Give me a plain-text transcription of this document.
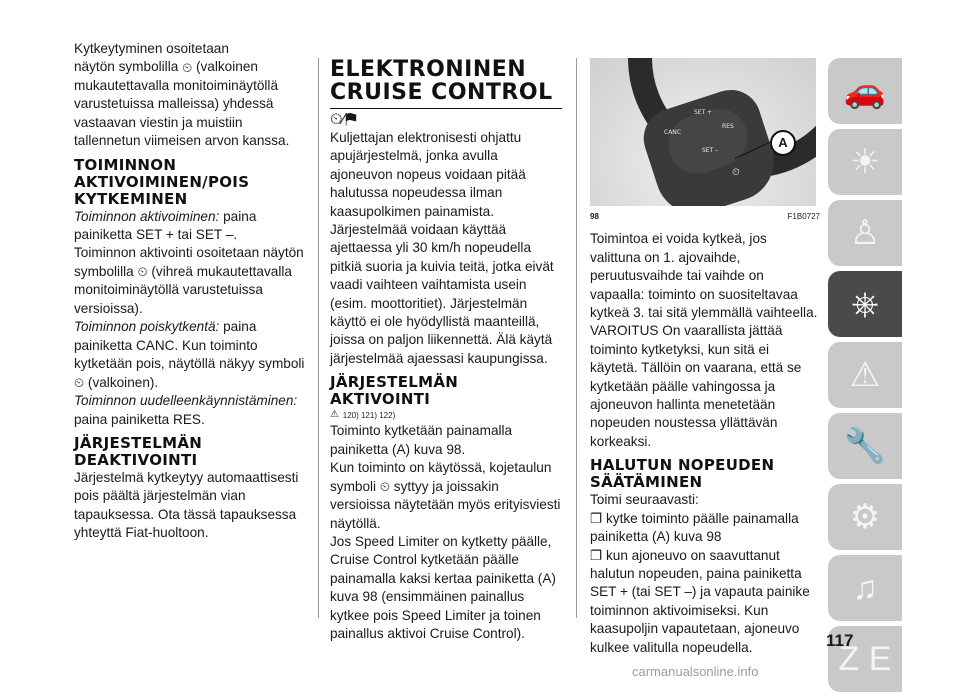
Kytkeytyminen osoitetaan

näytön symbolilla ⏲ (valkoinen

mukautettavalla monitoiminäytöllä varustetuissa malleissa) yhdessä vastaavan viestin ja muistiin tallennetun viimeisen arvon kanssa.

TOIMINNON AKTIVOIMINEN/POIS KYTKEMINEN

Toiminnon aktivoiminen: paina painiketta SET + tai SET –.

Toiminnon aktivointi osoitetaan näytön

symbolilla ⏲ (vihreä mukautettavalla monitoiminäytöllä varustetuissa versioissa).

Toiminnon poiskytkentä: paina painiketta CANC. Kun toiminto kytketään pois, näytöllä näkyy symboli

⏲ (valkoinen).

Toiminnon uudelleenkäynnistäminen:
paina painiketta RES.

JÄRJESTELMÄN DEAKTIVOINTI

Järjestelmä kytkeytyy automaattisesti pois päältä järjestelmän vian tapauksessa. Ota tässä tapauksessa yhteyttä Fiat-huoltoon.

ELEKTRONINEN CRUISE CONTROL
⏲⁄⚑

Kuljettajan elektronisesti ohjattu apujärjestelmä, jonka avulla ajoneuvon nopeus voidaan pitää halutussa nopeudessa ilman kaasupolkimen painamista. Järjestelmää voidaan käyttää ajettaessa yli 30 km/h nopeudella pitkiä suoria ja kuivia teitä, jotka eivät vaadi vaihteen vaihtamista usein (esim. moottoritiet). Järjestelmän käyttö ei ole hyödyllistä maanteillä, joissa on paljon liikennettä. Älä käytä järjestelmää ajaessasi kaupungissa.

JÄRJESTELMÄN AKTIVOINTI
⚠ 120) 121) 122)

Toiminto kytketään painamalla painiketta (A) kuva 98.

Kun toiminto on käytössä, kojetaulun symboli ⏲ syttyy ja joissakin versioissa näytetään myös erityisviesti näytöllä.

Jos Speed Limiter on kytketty päälle, Cruise Control kytketään päälle painamalla kaksi kertaa painiketta (A) kuva 98 (ensimmäinen painallus kytkee pois Speed Limiter ja toinen painallus aktivoi Cruise Control).

SET +
CANC
RES
SET –
⏲
A
98	F1B0727

Toimintoa ei voida kytkeä, jos valittuna on 1. ajovaihde, peruutusvaihde tai vaihde on vapaalla: toiminto on suositeltavaa kytkeä 3. tai sitä ylemmällä vaihteella.

VAROITUS On vaarallista jättää toiminto kytketyksi, kun sitä ei käytetä. Tällöin on vaarana, että se kytketään päälle vahingossa ja ajoneuvon hallinta menetetään nopeuden noustessa yllättävän korkeaksi.

HALUTUN NOPEUDEN SÄÄTÄMINEN

Toimi seuraavasti:

❐ kytke toiminto päälle painamalla painiketta (A) kuva 98

❐ kun ajoneuvo on saavuttanut halutun nopeuden, paina painiketta SET + (tai SET –) ja vapauta painike toiminnon aktivoimiseksi. Kun kaasupoljin vapautetaan, ajoneuvo kulkee valitulla nopeudella.

🚗
☀
♙
⎈
⚠
🔧
⚙
♫
Z E
117
carmanualsonline.info
